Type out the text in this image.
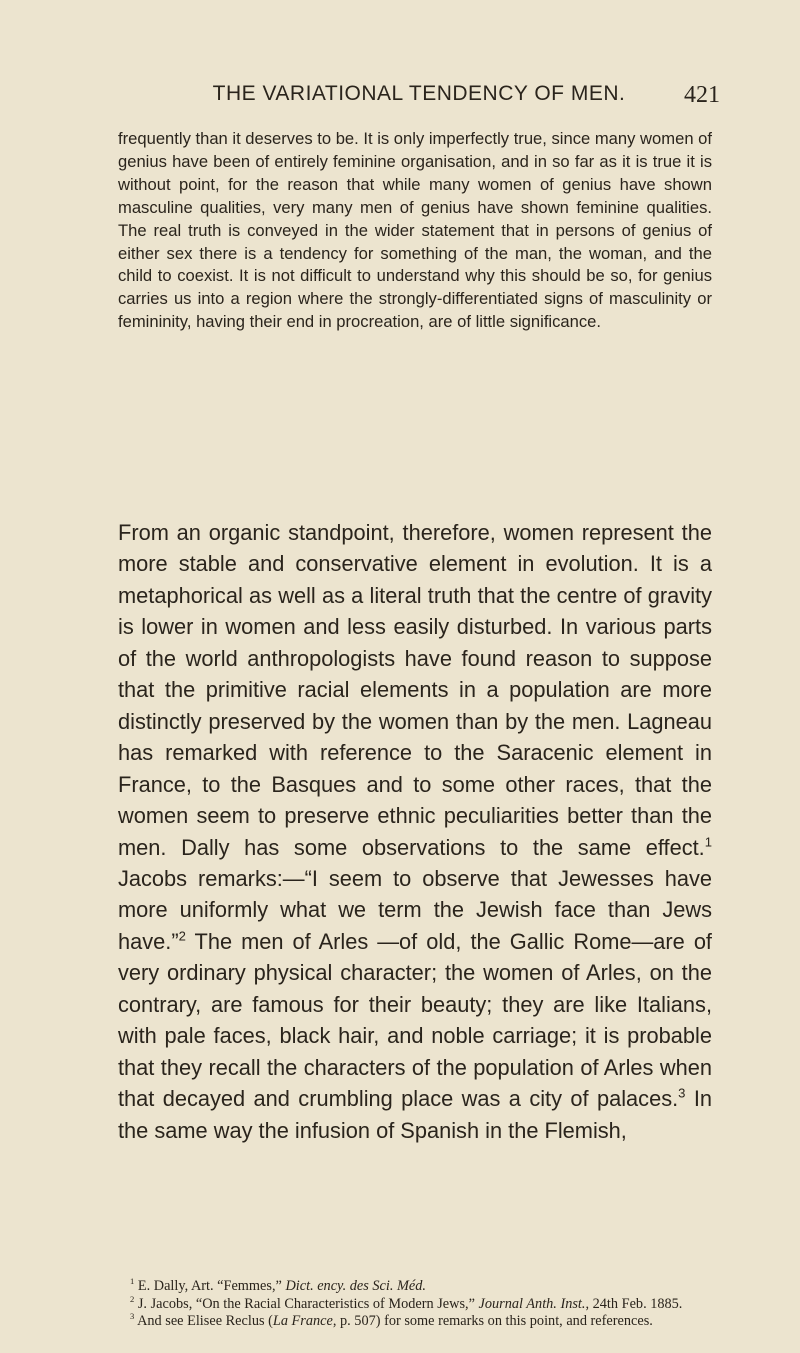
THE VARIATIONAL TENDENCY OF MEN.	421

frequently than it deserves to be. It is only imperfectly true, since many women of genius have been of entirely feminine organisation, and in so far as it is true it is without point, for the reason that while many women of genius have shown masculine qualities, very many men of genius have shown feminine qualities. The real truth is conveyed in the wider statement that in persons of genius of either sex there is a tendency for something of the man, the woman, and the child to coexist. It is not difficult to understand why this should be so, for genius carries us into a region where the strongly-differentiated signs of masculinity or femininity, having their end in procreation, are of little significance.

From an organic standpoint, therefore, women represent the more stable and conservative element in evolution. It is a metaphorical as well as a literal truth that the centre of gravity is lower in women and less easily disturbed. In various parts of the world anthropologists have found reason to suppose that the primitive racial elements in a population are more distinctly preserved by the women than by the men. Lagneau has remarked with reference to the Saracenic element in France, to the Basques and to some other races, that the women seem to preserve ethnic peculiarities better than the men. Dally has some observations to the same effect.$^1$ Jacobs remarks:—“I seem to observe that Jewesses have more uniformly what we term the Jewish face than Jews have.”$^2$ The men of Arles —of old, the Gallic Rome—are of very ordinary physical character; the women of Arles, on the contrary, are famous for their beauty; they are like Italians, with pale faces, black hair, and noble carriage; it is probable that they recall the characters of the population of Arles when that decayed and crumbling place was a city of palaces.$^3$ In the same way the infusion of Spanish in the Flemish,

$^1$ E. Dally, Art. “Femmes,” Dict. ency. des Sci. Méd.

$^2$ J. Jacobs, “On the Racial Characteristics of Modern Jews,” Journal Anth. Inst., 24th Feb. 1885.

$^3$ And see Elisee Reclus (La France, p. 507) for some remarks on this point, and references.
